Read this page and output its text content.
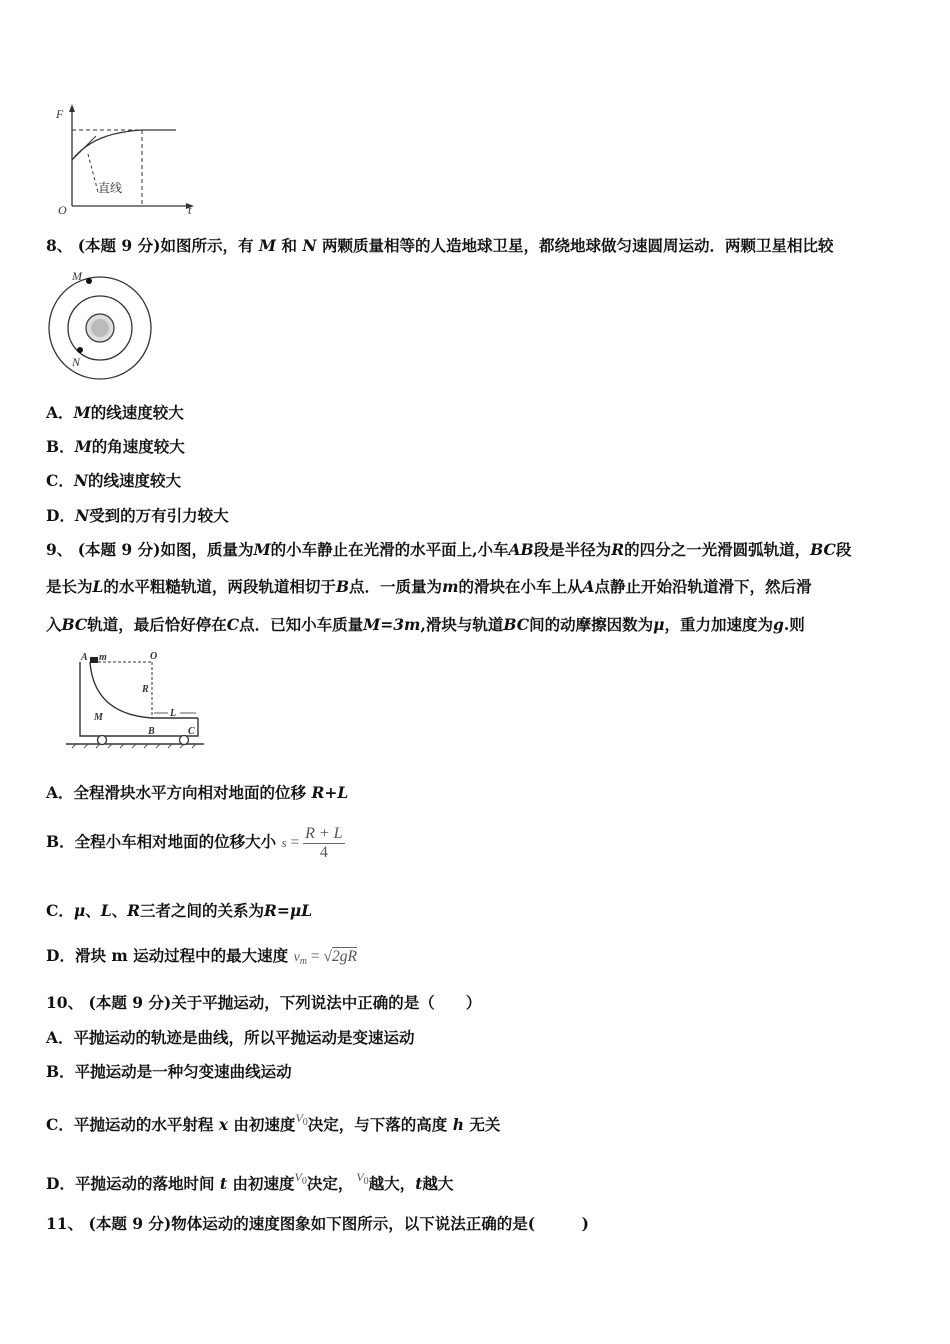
F
O	t
直线
8、 (本题 9 分)如图所示，有 M 和 N 两颗质量相等的人造地球卫星，都绕地球做匀速圆周运动．两颗卫星相比较
M
N
A．M的线速度较大
B．M的角速度较大
C．N的线速度较大
D．N受到的万有引力较大
9、 (本题 9 分)如图，质量为M的小车静止在光滑的水平面上,小车AB段是半径为R的四分之一光滑圆弧轨道，BC段
是长为L的水平粗糙轨道，两段轨道相切于B点．一质量为m的滑块在小车上从A点静止开始沿轨道滑下，然后滑
入BC轨道，最后恰好停在C点．已知小车质量M=3m,滑块与轨道BC间的动摩擦因数为μ，重力加速度为g.则
A m	O
R
M	L
B	C
A．全程滑块水平方向相对地面的位移 R+L
B．全程小车相对地面的位移大小 $s = \frac{R + L}{4}$
C．μ、L、R三者之间的关系为R=μL
D．滑块 m 运动过程中的最大速度 $v_m = √2gR$
10、 (本题 9 分)关于平抛运动，下列说法中正确的是（　　）
A．平抛运动的轨迹是曲线，所以平抛运动是变速运动
B．平抛运动是一种匀变速曲线运动
C．平抛运动的水平射程 x 由初速度$^{V_0}$决定，与下落的高度 h 无关
D．平抛运动的落地时间 t 由初速度$^{V_0}$决定， $^{V_0}$越大，t越大
11、 (本题 9 分)物体运动的速度图象如下图所示，以下说法正确的是(　　　)
